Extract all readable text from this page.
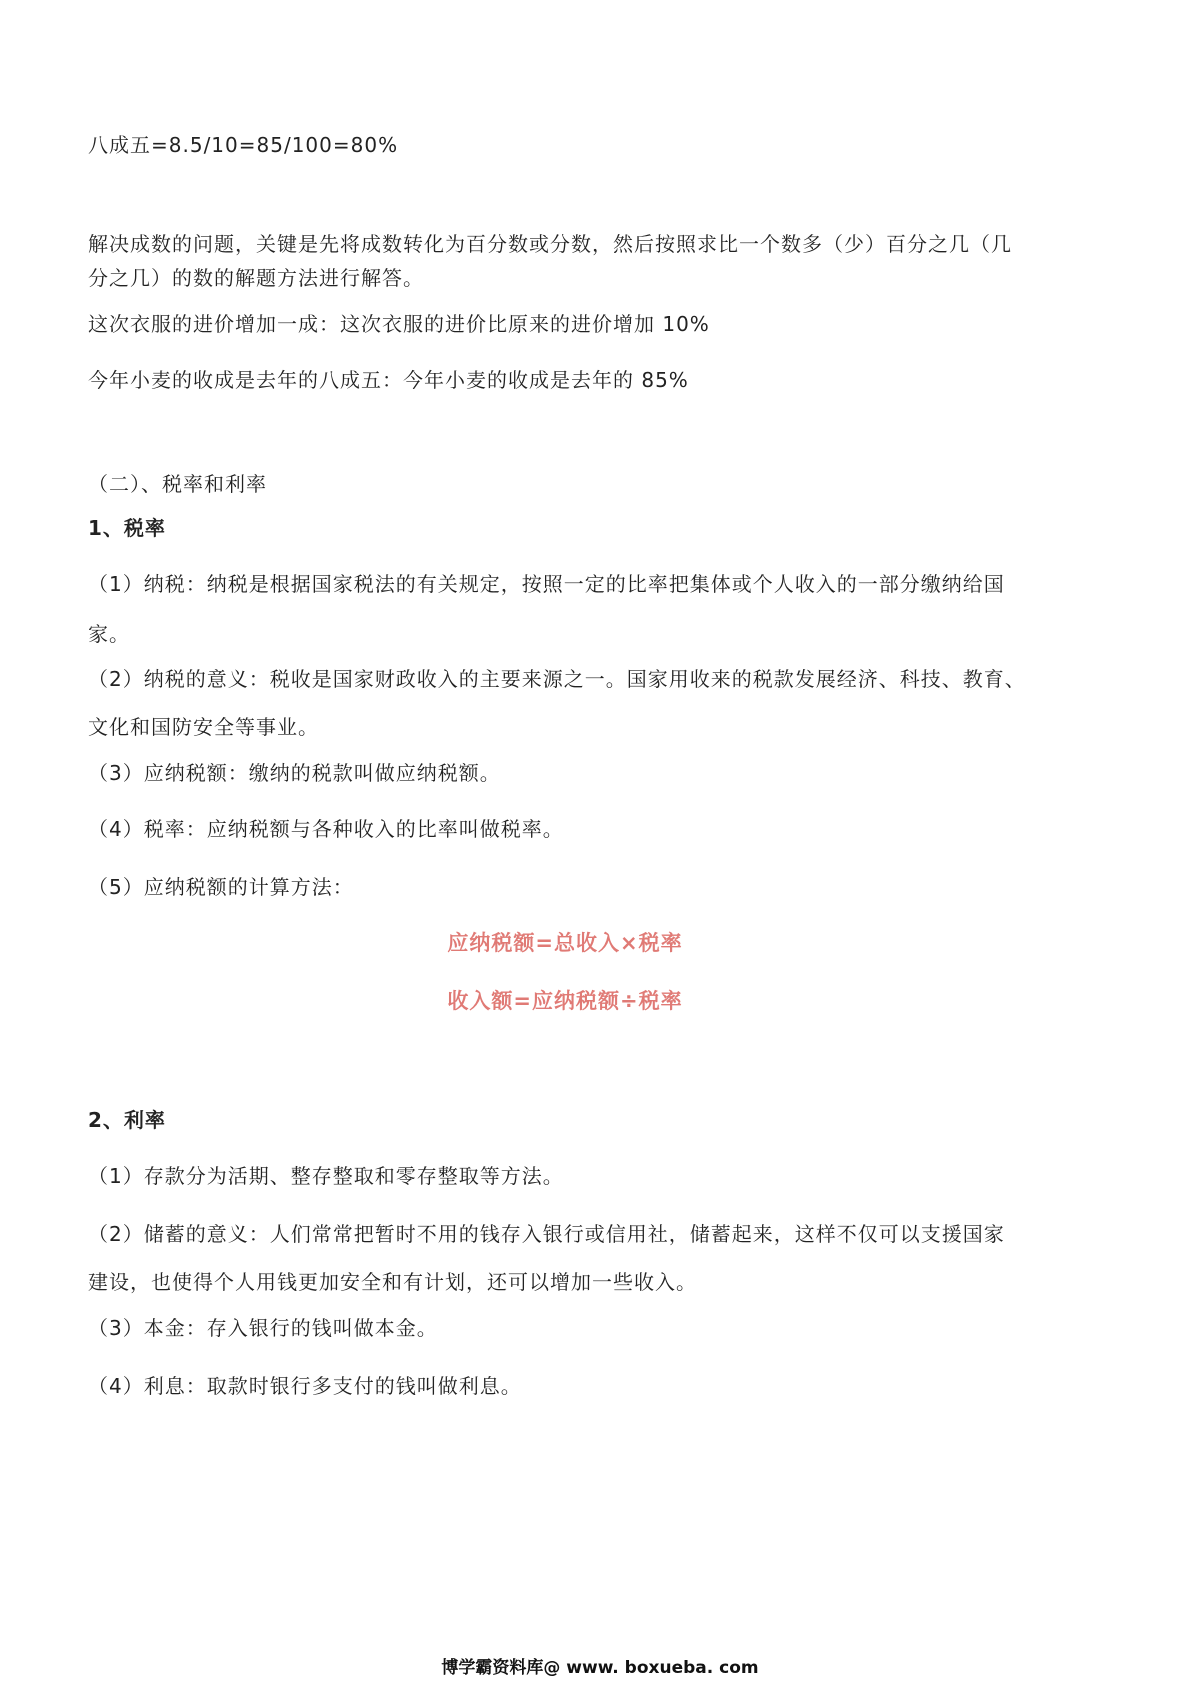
八成五=8.5/10=85/100=80%

解决成数的问题，关键是先将成数转化为百分数或分数，然后按照求比一个数多（少）百分之几（几

分之几）的数的解题方法进行解答。

这次衣服的进价增加一成：这次衣服的进价比原来的进价增加 10%

今年小麦的收成是去年的八成五：今年小麦的收成是去年的 85%

（二）、税率和利率

1、税率

（1）纳税：纳税是根据国家税法的有关规定，按照一定的比率把集体或个人收入的一部分缴纳给国

家。

（2）纳税的意义：税收是国家财政收入的主要来源之一。国家用收来的税款发展经济、科技、教育、

文化和国防安全等事业。

（3）应纳税额：缴纳的税款叫做应纳税额。

（4）税率：应纳税额与各种收入的比率叫做税率。

（5）应纳税额的计算方法：

应纳税额=总收入×税率
收入额=应纳税额÷税率

2、利率

（1）存款分为活期、整存整取和零存整取等方法。

（2）储蓄的意义：人们常常把暂时不用的钱存入银行或信用社，储蓄起来，这样不仅可以支援国家

建设，也使得个人用钱更加安全和有计划，还可以增加一些收入。

（3）本金：存入银行的钱叫做本金。

（4）利息：取款时银行多支付的钱叫做利息。

博学霸资料库@ www. boxueba. com
